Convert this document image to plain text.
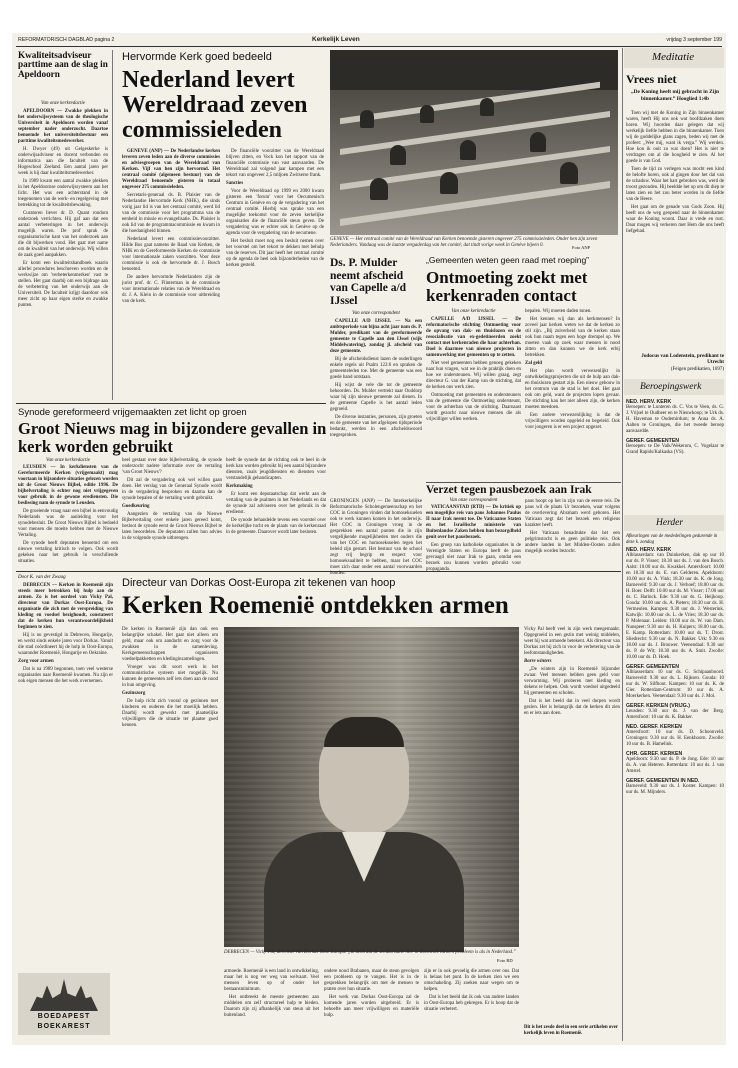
REFORMATORISCH DAGBLAD pagina 2	Kerkelijk Leven	vrijdag 3 september 199
Kwaliteitsadviseur parttime aan de slag in Apeldoorn
Van onze kerkredactie

APELDOORN — Zwakke plekken in het onderwijssysteem van de theologische Universiteit in Apeldoorn worden vanaf september nader onderzocht. Daartoe benoemde het universiteitsbestuur een parttime kwaliteitsmedewerker.

H. Dwyer (49) uit Gelgeskerke is onderwijsadviseur en docent verbonden en informatica aan die faculteit van de Hogeschool Zeeland. Een aantal jaren per week is hij daar kwaliteitsmedewerker.

In 1989 kwam een aantal zwakke plekken in het Apeldoornse onderwijssysteem aan het licht. Het was een achterstand in de toegenomen van de werk- en regelgeving met betrekking tot de kwaliteitsbewaking.

Curatoren liever dr. D. Quant rondom onderzoek verrichten. Hij gaf aan dat een aantal verbeteringen in het onderwijs mogelijk waren. De prof sprak de organisatorische kant van het onderzoek aan die dit bijwerken vond. Het gaat met name om de kwaliteit van het onderwijs. Wij willen de zaak goed aanpakken.

Er komt een kwaliteitshandboek waarin allerlei procedures beschreven worden en de werkwijze om 'verbeterkenmerken' vast te stellen. Het gaat daarbij om een bijdrage aan de verbetering van het onderwijs aan de Universiteit. De faculteit krijgt daardoor ook meer zicht op haar eigen sterke en zwakke punten.

Hervormde Kerk goed bedeeld
Nederland levert Wereldraad zeven commissieleden

GENEVE (ANP) — De Nederlandse kerken leveren zeven leden aan de diverse commissies en adviesgroepen van de Wereldraad van Kerken. Vijf van hen zijn hervormd. Het centraal comité (algemeen bestuur) van de Wereldraad benoemde gisteren in totaal ongeveer 275 commissieleden.

Secretaris-generaal ds. B. Plaisier van de Nederlandse Hervormde Kerk (NHK), die sinds vorig jaar lid is van het centraal comité, werd lid van de commissie voor het programma van de eenheid in missie en evangelisatie. Ds. Plaisier is ook lid van de programmacommissie en kwam in die hoedanigheid binnen.

Nederland levert een commissievoorzitter. Hilde Bos gaat namens de Raad van Kerken, de NHK en de Gereformeerde Kerken de commissie voor internationale zaken voorzitten. Voor deze commissie is ook de hervormde dr. J. Bosch benoemd.

De andere hervormde Nederlanders zijn de jurist prof. dr. C. Flinterman in de commissie voor internationale relaties van de Wereldraad en dr. J. A. Klein in de commissie voor uitbreiding van de kerk.

De financiële voorzitter van de Wereldraad blijven zitten, en Vock kon het rapport van de financiële commissie van vast aanvaarden. De Wereldraad zal volgend jaar kampen met een tekort van ongeveer 2,5 miljoen Zwitserse frank.

Sancties

Voor de Wereldraad op 1999 en 2000 kwam gisteren een 'forum' voor het Oecumenisch Centrum in Genève en op de vergadering van het centraal comité. Hierbij was sprake van een mogelijke toekomst voor de zeven kerkelijke organisaties die de financiële steun geven. De vergadering was er echter ook in Genève op de agenda voor de vergadering van de oecumene.

Het besluit moet nog een besluit nemen over het voorstel om het tekort te dekken met behulp van de reserves. Dit jaar heeft het centraal comité op de agenda de heel ook bijzonderheden van de kerken gesteld.

GENEVE — Het centraal comité van de Wereldraad van Kerken benoemde gisteren ongeveer 275 commissieleden. Onder hen zijn zeven Nederlanders. Vandaag was de laatste vergaderdag van het comité; dat tindt vorige week in Genève bijeen 0.	Foto ANP
Ds. P. Mulder neemt afscheid van Capelle a/d IJssel
Van onze correspondent

CAPELLE A/D IJSSEL — Na een ambtsperiode van bijna acht jaar nam ds. P. Mulder, predikant van de gereformeerde gemeente te Capelle aan den IJssel (wijk Middelwatering), zondag jl. afscheid van deze gemeente.

Bij de afscheidsdienst lazen de ouderlingen enkele regels uit Psalm 122:6 en spraken de gemeenteleden toe. Met de gemeente was een goede band ontstaan.

Hij wijst de vele die tot de gemeente behoorden. Ds. Mulder vertrekt naar Ouddorp waar hij zijn nieuwe gemeente zal dienen. In de gemeente Capelle is het aantal leden gegroeid.

De diverse instanties, personen, zijn groeten en de gemeente van het afgelopen tijdsperiode bedankt, werden in een afscheidswoord toegesproken.

GRONINGEN (ANP) — De Interkerkelijke Reformatorische Scholengemeenschap en het COC in Groningen vinden dat homoseksuelen ook te werk kunnen komen in het onderwijs. Het COC in Groningen vroeg in de gesprekken een aantal punten die in zijn vergelijkende mogelijkheden met ouders die van het COC en homoseksuelen tegen het beleid zijn gestart. Het bestuur van de school zegt vrij begrip en respect voor homoseksualiteit te hebben, maar het COC moet zich daar onder een aantal voorwaarden houden.

„Gemeenten weten geen raad met roeping”
Ontmoeting zoekt met kerkenraden contact
Van onze kerkredactie

CAPELLE A/D IJSSEL — De reformatorische stichting Ontmoeting voor de opvang van dak- en thuislozen en de resocialisatie van ex-gedetineerden zoekt contact met kerkenraden die haar achterban. Doel is daarmee van nieuwe projecten in samenwerking met gemeenten op te zetten.

Niet veel gemeenten hebben genoeg gekeken naar hun vragen, wat we in de praktijk doen en hoe we ondersteunen. Wij willen graag, zegt directeur G. van der Kamp van de stichting, dat de kerken ons werk zien.

Ontmoeting met gemeenten en ondersteuners van de gemeente die Ontmoeting ondersteunt, voor de achterban van de stichting. Daarnaast wordt gezocht naar nieuwe mensen die als vrijwilliger willen werken.

bepalen. Wij moeten daden tonen.

Het kennen wij dan als kerkmensen? In zoveel jaar kerken weten we dat de kerken zo stil zijn. „Bij zuiverheid van de kerken staan ook hun naam tegen een hoge drempel op. We moeten vaak op zoek waar mensen in nood zitten en dan kunnen we de kerk erbij betrekken.

Zal geld

Het plan wordt verwezenlijkt in ontwikkelingsprojecten die uit de hulp aan dak- en thuislozen gestart zijn. Een nieuw gebouw in het centrum van de stad is het doel. Het gaat ook om geld, want de projecten lopen gevaar. De stichting kan het niet alleen zijn, de kerken moeten meedoen.

Een andere verwezenlijking is dat de vrijwilligers worden opgeleid en begeleid. Ook voor jongeren is er een project opgezet.

Verzet tegen pausbezoek aan Irak
Van onze correspondent

VATICAANSTAD (RTD) — De kritiek op een mogelijke reis van paus Johannes Paulus II naar Irak neemt toe. De Vaticaanse Staten en het Israëlische ministerie van Buitenlandse Zaken hebben hun bezorgdheid geuit over het pausbezoek.

Een groep van katholieke organisaties in de Verenigde Staten en Europa heeft de paus gevraagd niet naar Irak te gaan, omdat een bezoek zou kunnen worden gebruikt voor propaganda.

paus hoopt op het in zijn van de eerste reis. De paus wil de plaats Ur bezoeken, waar volgens de overlevering Abraham werd geboren. Het Vaticaan zegt dat het bezoek een religieus karakter heeft.

Het Vaticaan benadrukte dat het een pelgrimstocht is en geen politieke reis. Ook andere landen in het Midden-Oosten zullen mogelijk worden bezocht.

Synode gereformeerd vrijgemaakten zet licht op groen
Groot Nieuws mag in bijzondere gevallen in kerk worden gebruikt
Van onze kerkredactie

LEUSDEN — In kerkdiensten van de Gereformeerde Kerken (vrijgemaakt) mag voortaan in bijzondere situaties gelezen worden uit de Groot Nieuws Bijbel, editie 1996. De bijbelvertaling is echter nog niet vrijgegeven voor gebruik in de gewone erediensten. Die beslissing nam de synode te Leusden.

De groeiende vraag naar een bijbel in eenvoudig Nederlands was de aanleiding voor het synodebesluit. De Groot Nieuws Bijbel is bedoeld voor mensen die moeite hebben met de Nieuwe Vertaling.

De synode heeft deputaten benoemd om een nieuwe vertaling kritisch te volgen. Ook wordt gekeken naar het gebruik in verschillende situaties.

heel gestaat over deze bijbelvertaling, de synode onderzocht nadere informatie over de vertaling 'van Groot Nieuws'?

Dit zal de vergadering ook wel willen gaan doen. Het verslag van de Generaal Synode wordt in de vergadering besproken en daarna kan de synode bepalen of de vertaling wordt gebruikt.

Goedkeuring

Aangezien de vertaling van de Nieuwe Bijbelvertaling over enkele jaren gereed komt, besloot de synode eerst de Groot Nieuws Bijbel te laten beoordelen. De deputaten zullen hun advies in de volgende synode uitbrengen.

heeft de synode dat de richting ook te heel in de kerk kan worden gebruikt bij een aantal bijzondere diensten, zoals jeugddiensten en diensten voor verstandelijk gehandicapten.

Kerkmaking

Er komt een deputaatschap dat werkt aan de vertaling van de psalmen in het Nederlands en dat de synode zal adviseren over het gebruik in de eredienst.

De synode behandelde tevens een voorstel over de kerkelijke tucht en de plaats van de kerkenraad in de gemeente. Daarover wordt later besloten.

Door K. van der Zwaag	Directeur van Dorkas Oost-Europa zit tekenen van hoop
Kerken Roemenië ontdekken armen

DEBRECEN — Kerken in Roemenië zijn steeds meer betrokken bij hulp aan de armen. Zo is het oordeel van Vicky Pal, directeur van Dorkas Oost-Europa. De organisatie die zich met de verspreiding van kleding en voedsel bezighoudt, constateert dat de kerken hun verantwoordelijkheid beginnen te zien.

Hij is nu gevestigd in Debrecen, Hongarije, en werkt sinds enkele jaren voor Dorkas. Vanuit die stad coördineert hij de hulp in Oost-Europa, waaronder Roemenië, Hongarije en Oekraïne.

Zorg voor armen

Dat is na 1989 begonnen, toen veel westerse organisaties naar Roemenië kwamen. Nu zijn er ook eigen mensen die het werk overnemen.

De kerken in Roemenië zijn dan ook een belangrijke schakel. Het gaat niet alleen om geld, maar ook om aandacht en zorg voor de zwakken in de samenleving. Kerkgemeenschappen organiseren voedselpakketten en kledinginzamelingen.

Vroeger was dit soort werk in het communistische systeem niet mogelijk. Nu kunnen de gemeenten zelf iets doen aan de nood in hun omgeving.

Gezinszorg

De hulp richt zich vooral op gezinnen met kinderen en ouderen die het moeilijk hebben. Daarbij wordt gewerkt met plaatselijke vrijwilligers die de situatie ter plaatse goed kennen.

DEBRECEN — Vicky Pal, directeur van Dorkas Oost-Europa: „Ik denk dat de secularisatie hier in Roemenië nu zo'n probleem is als in Nederland.”
Foto RD

armoede. Roemenië is een land in ontwikkeling, maar het is nog ver weg van welvaart. Veel mensen leven op of onder het bestaansminimum.

Het ontbreekt de meeste gemeenten aan middelen om zelf structureel hulp te bieden. Daarom zijn zij afhankelijk van steun uit het buitenland.

ondere nood Brabanen, maar de steun gevolgen een probleem op te vangen. Het is in de gesprekken belangrijk om met de mensen te praten over hun situatie.

Het werk van Dorkas Oost-Europa zal de komende jaren worden uitgebreid. Er is behoefte aan meer vrijwilligers en materiële hulp.

zijn er in ook gevoelig die armen over ons. Dat is helaas het punt. In de kerken zien we een omschakeling. Zij zoeken naar wegen om te helpen.

Dat is het beeld dat ik ook van andere landen in Oost-Europa heb gekregen. Er is hoop dat de situatie verbetert.

Vicky Pal heeft veel in zijn werk meegemaakt. Opgegroeid in een gezin met weinig middelen, weet hij wat armoede betekent. Als directeur van Dorkas zet hij zich in voor de verbetering van de leefomstandigheden.

Barre winters

„De winters zijn in Roemenië bijzonder zwaar. Veel mensen hebben geen geld voor verwarming. Wij proberen met kleding en dekens te helpen. Ook wordt voedsel uitgedeeld bij gemeenten en scholen.

Dat is het beeld dat in veel dorpen wordt gezien. Het is belangrijk dat de kerken dit zien en er iets aan doen.

Dit is het zesde deel in een serie artikelen over kerkelijk leven in Roemenië.
BOEDAPEST
BOEKAREST
Meditatie
Vrees niet
„De Koning heeft mij gebracht in Zijn binnenkamer.” Hooglied 1:4b

Toen wij met de Koning in Zijn binnenkamer waren, heeft Hij ons ook wat hoofdzaken doen horen. Wij hoorden daar gelegen dat wij werkelijk liefde hebben in die binnenkamer. Toen wij de goddelijke glans zagen, beden wij met de profeet: „Wee mij, want ik verga.” Wij werden. Hoe kon ik ooit zo wat doen? Het is niet te verdragen om al die hoogheid te zien. Al het goede is van God.

Toen de tijd zo verlegen was mocht een kind de belofte horen, ook al gingen door het dal van de schaduw. Waar het hart gebroken was, werd de troost gezonden. Hij beeldde het op om dit diep te laten zien en het zou beter worden in de liefde van de Heere.

Het gaat om de genade van Gods Zoon. Hij heeft ons de weg geopend naar de binnenkamer waar de Koning woont. Daar is vrede en rust. Daar mogen wij verkeren met Hem die ons heeft liefgehad.

Jodocus van Lodenstein, predikant te Utrecht
(Feigen predikatien, 1697)
Beroepingswerk
NED. HERV. KERK

Beroepen: te Lunteren ds. C. Vos te Veen, ds. G. J. Vrijsel te Oudheer en te Nieuwkoop; te Urk ds. H. Haveman te Oudemirdum; te Anna ds. A. Aalten te Groningen, die het tweede beroep aanvaardde.

GEREF. GEMEENTEN

Beroepen: te De Valk/Wekerom, C. Vogelaar te Grand Rapids/Kalkaska (VS).

Herder
Afkeuringen van de mededelingen gedurende in deze k. zondag
NED. HERV. KERK

Alblasserdam: van Duinkerken, dak op uur 10 uur ds. P. Visser; 18.30 uur ds. J. van den Bosch. Aalst: 10.00 uur ds. Kwakkel. Amersfoort: 10.00 en 18.30 uur ds. E. van Gelderen. Apeldoorn: 10.00 uur ds. A. Vink; 18.30 uur ds. K. de Jong. Barneveld: 9.30 uur ds. J. Verhoef; 18.00 uur ds. H. Boer. Delft: 10.00 uur ds. M. Visser; 17.00 uur ds. C. Harinck. Ede: 9.30 uur ds. G. Heijkoop. Gouda: 10.00 uur ds. A. Pieters; 18.30 uur ds. H. Vermeulen. Kampen: 9.30 uur ds. J. Westerink. Katwijk: 10.00 uur ds. L. de Vries; 18.30 uur ds. P. Molenaar. Leiden: 10.00 uur ds. W. van Dam. Nunspeet: 9.30 uur ds. H. Kuipers; 18.00 uur ds. E. Kamp. Rotterdam: 10.00 uur ds. T. Drost. Sliedrecht: 9.30 uur ds. N. Bakker. Urk: 9.30 en 18.00 uur ds. J. Brouwer. Veenendaal: 9.30 uur ds. P. de Wit; 18.30 uur ds. A. Smit. Zwolle: 10.00 uur ds. D. Hoek.

GEREF. GEMEENTEN

Alblasserdam: 10 uur ds. G. Schipaanboord. Barneveld: 9.30 uur ds. L. Rijksen. Gouda: 10 uur ds. W. Silfhout. Kampen: 10 uur ds. K. de Gier. Rotterdam-Centrum: 10 uur ds. A. Moerkerken. Veenendaal: 9.30 uur ds. J. Mol.

GEREF. KERKEN (VRIJG.)

Leusden: 9.30 uur ds. J. van der Berg. Amersfoort: 10 uur ds. K. Bakker.

NED. GEREF. KERKEN

Amersfoort: 10 uur ds. D. Schoonveld. Groningen: 9.30 uur ds. H. Eenkhoorn. Zwolle: 10 uur ds. B. Hamelink.

CHR. GEREF. KERKEN

Apeldoorn: 9.30 uur ds. P. de Jong. Ede: 10 uur ds. A. van Heteren. Rotterdam: 10 uur ds. J. van Amstel.

GEREF. GEMEENTEN IN NED.

Barneveld: 9.30 uur ds. J. Koster. Kampen: 10 uur ds. M. Mijnders.
